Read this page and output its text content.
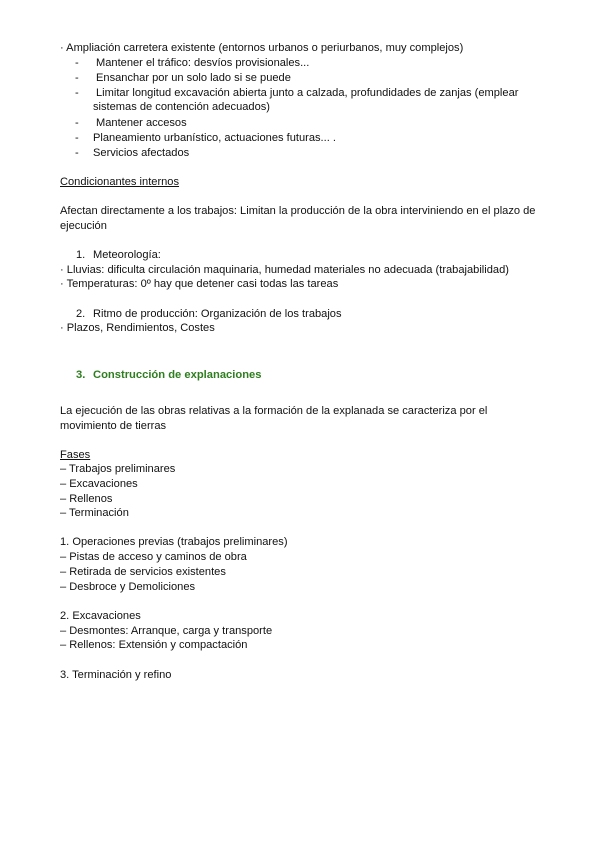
· Ampliación carretera existente (entornos urbanos o periurbanos, muy complejos)
- Mantener el tráfico: desvíos provisionales...
- Ensanchar por un solo lado si se puede
- Limitar longitud excavación abierta junto a calzada, profundidades de zanjas (emplear
sistemas de contención adecuados)
- Mantener accesos
- Planeamiento urbanístico, actuaciones futuras... .
- Servicios afectados
Condicionantes internos
Afectan directamente a los trabajos: Limitan la producción de la obra interviniendo en el plazo de
ejecución
1. Meteorología:
· Lluvias: dificulta circulación maquinaria, humedad materiales no adecuada (trabajabilidad)
· Temperaturas: 0º hay que detener casi todas las tareas
2. Ritmo de producción: Organización de los trabajos
· Plazos, Rendimientos, Costes
3. Construcción de explanaciones
La ejecución de las obras relativas a la formación de la explanada se caracteriza por el
movimiento de tierras
Fases
– Trabajos preliminares
– Excavaciones
– Rellenos
– Terminación
1. Operaciones previas (trabajos preliminares)
– Pistas de acceso y caminos de obra
– Retirada de servicios existentes
– Desbroce y Demoliciones
2. Excavaciones
– Desmontes: Arranque, carga y transporte
– Rellenos: Extensión y compactación
3. Terminación y refino
